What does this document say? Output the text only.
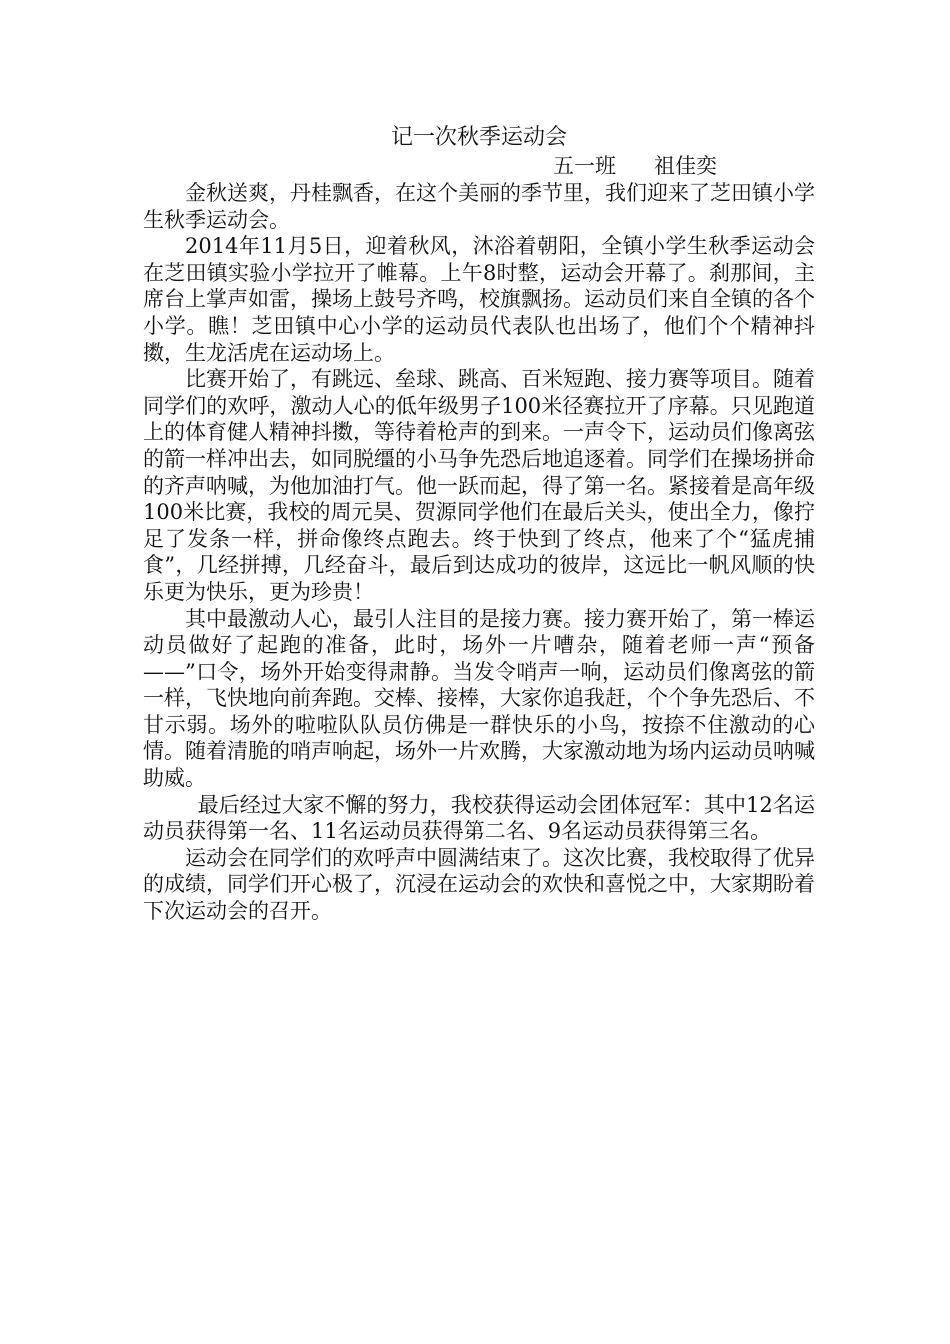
记一次秋季运动会
五一班 祖佳奕

金秋送爽，丹桂飘香，在这个美丽的季节里，我们迎来了芝田镇小学生秋季运动会。

2014年11月5日，迎着秋风，沐浴着朝阳，全镇小学生秋季运动会在芝田镇实验小学拉开了帷幕。上午8时整，运动会开幕了。刹那间，主席台上掌声如雷，操场上鼓号齐鸣，校旗飘扬。运动员们来自全镇的各个小学。瞧！芝田镇中心小学的运动员代表队也出场了，他们个个精神抖擞，生龙活虎在运动场上。

比赛开始了，有跳远、垒球、跳高、百米短跑、接力赛等项目。随着同学们的欢呼，激动人心的低年级男子100米径赛拉开了序幕。只见跑道上的体育健人精神抖擞，等待着枪声的到来。一声令下，运动员们像离弦的箭一样冲出去，如同脱缰的小马争先恐后地追逐着。同学们在操场拼命的齐声呐喊，为他加油打气。他一跃而起，得了第一名。紧接着是高年级100米比赛，我校的周元昊、贺源同学他们在最后关头，使出全力，像拧足了发条一样，拼命像终点跑去。终于快到了终点，他来了个“猛虎捕食”，几经拼搏，几经奋斗，最后到达成功的彼岸，这远比一帆风顺的快乐更为快乐，更为珍贵！

其中最激动人心，最引人注目的是接力赛。接力赛开始了，第一棒运动员做好了起跑的准备，此时，场外一片嘈杂，随着老师一声“预备——”口令，场外开始变得肃静。当发令哨声一响，运动员们像离弦的箭一样，飞快地向前奔跑。交棒、接棒，大家你追我赶，个个争先恐后、不甘示弱。场外的啦啦队队员仿佛是一群快乐的小鸟，按捺不住激动的心情。随着清脆的哨声响起，场外一片欢腾，大家激动地为场内运动员呐喊助威。

最后经过大家不懈的努力，我校获得运动会团体冠军：其中12名运动员获得第一名、11名运动员获得第二名、9名运动员获得第三名。

运动会在同学们的欢呼声中圆满结束了。这次比赛，我校取得了优异的成绩，同学们开心极了，沉浸在运动会的欢快和喜悦之中，大家期盼着下次运动会的召开。
